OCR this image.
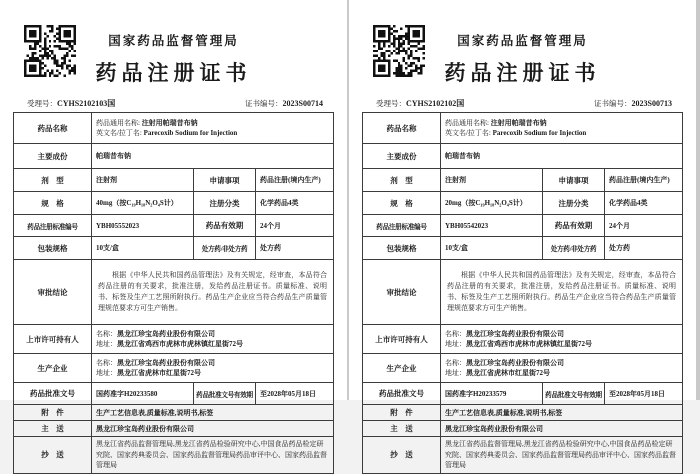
国家药品监督管理局
药品注册证书
受理号：CYHS2102103国	证书编号：2023S00714
药品名称	药品通用名称: 注射用帕瑞昔布钠
英文名/拉丁名: Parecoxib Sodium for Injection		

主要成份	帕瑞昔布钠		
剂　型	注射剂	申请事项	药品注册(境内生产)
规　格	40mg（按C₁₉H₁₈N₂O₄S计）	注册分类	化学药品4类
药品注册标准编号	YBH05552023	药品有效期	24个月
包装规格	10支/盒	处方药/非处方药	处方药
审批结论	根据《中华人民共和国药品管理法》及有关规定，经审查，本品符合药品注册的有关要求，批准注册，发给药品注册证书。质量标准、说明书、标签及生产工艺照所附执行。药品生产企业应当符合药品生产质量管理规范要求方可生产销售。		
上市许可持有人	名称：黑龙江珍宝岛药业股份有限公司
地址：黑龙江省鸡西市虎林市虎林镇红星街72号		

生产企业	名称：黑龙江珍宝岛药业股份有限公司
地址：黑龙江省虎林市红星街72号		

药品批准文号	国药准字H20233580	药品批准文号有效期	至2028年05月18日
附　件	生产工艺信息表,质量标准,说明书,标签		
主　送	黑龙江珍宝岛药业股份有限公司		
抄　送	黑龙江省药品监督管理局,黑龙江省药品检验研究中心,中国食品药品检定研究院、国家药典委员会、国家药品监督管理局药品审评中心、国家药品监督管理局		
国家药品监督管理局
药品注册证书
受理号：CYHS2102102国	证书编号：2023S00713
药品名称	药品通用名称: 注射用帕瑞昔布钠
英文名/拉丁名: Parecoxib Sodium for Injection		

主要成份	帕瑞昔布钠		
剂　型	注射剂	申请事项	药品注册(境内生产)
规　格	20mg（按C₁₉H₁₈N₂O₄S计）	注册分类	化学药品4类
药品注册标准编号	YBH05542023	药品有效期	24个月
包装规格	10支/盒	处方药/非处方药	处方药
审批结论	根据《中华人民共和国药品管理法》及有关规定，经审查，本品符合药品注册的有关要求，批准注册，发给药品注册证书。质量标准、说明书、标签及生产工艺照所附执行。药品生产企业应当符合药品生产质量管理规范要求方可生产销售。		
上市许可持有人	名称：黑龙江珍宝岛药业股份有限公司
地址：黑龙江省鸡西市虎林市虎林镇红星街72号		

生产企业	名称：黑龙江珍宝岛药业股份有限公司
地址：黑龙江省虎林市红星街72号		

药品批准文号	国药准字H20233579	药品批准文号有效期	至2028年05月18日
附　件	生产工艺信息表,质量标准,说明书,标签		
主　送	黑龙江珍宝岛药业股份有限公司		
抄　送	黑龙江省药品监督管理局,黑龙江省药品检验研究中心,中国食品药品检定研究院、国家药典委员会、国家药品监督管理局药品审评中心、国家药品监督管理局		
